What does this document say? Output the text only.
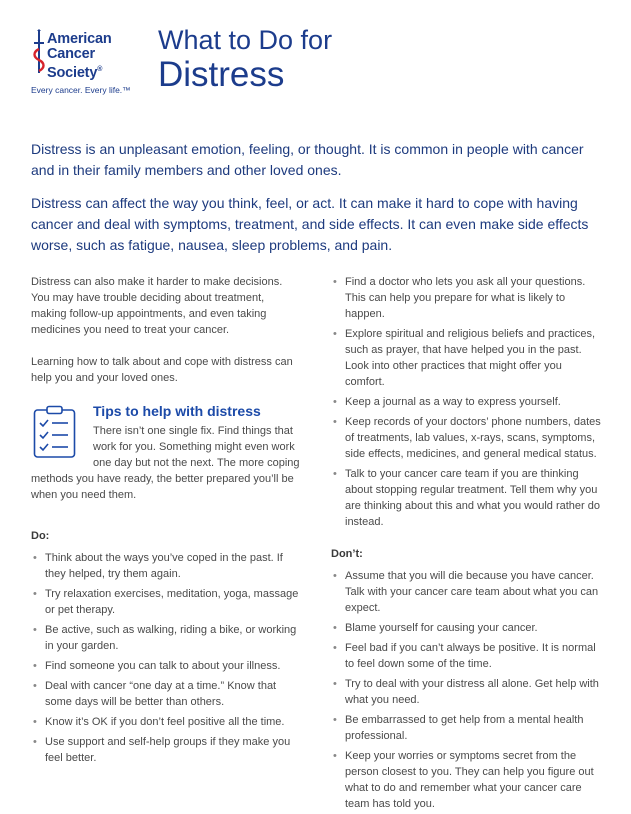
American
Cancer
Society®
Every cancer. Every life.™
What to Do for
Distress

Distress is an unpleasant emotion, feeling, or thought. It is common in people with cancer and in their family members and other loved ones.

Distress can affect the way you think, feel, or act. It can make it hard to cope with having cancer and deal with symptoms, treatment, and side effects. It can even make side effects worse, such as fatigue, nausea, sleep problems, and pain.

Distress can also make it harder to make decisions. You may have trouble deciding about treatment, making follow-up appointments, and even taking medicines you need to treat your cancer.

Learning how to talk about and cope with distress can help you and your loved ones.

Tips to help with distress
There isn’t one single fix. Find things that
work for you. Something might even work
one day but not the next. The more coping
methods you have ready, the better prepared you’ll be
when you need them.
Do:
• Think about the ways you’ve coped in the past. If they helped, try them again.
• Try relaxation exercises, meditation, yoga, massage or pet therapy.
• Be active, such as walking, riding a bike, or working in your garden.
• Find someone you can talk to about your illness.
• Deal with cancer “one day at a time.” Know that some days will be better than others.
• Know it’s OK if you don’t feel positive all the time.
• Use support and self-help groups if they make you feel better.
• Find a doctor who lets you ask all your questions. This can help you prepare for what is likely to happen.
• Explore spiritual and religious beliefs and practices, such as prayer, that have helped you in the past. Look into other practices that might offer you comfort.
• Keep a journal as a way to express yourself.
• Keep records of your doctors’ phone numbers, dates of treatments, lab values, x-rays, scans, symptoms, side effects, medicines, and general medical status.
• Talk to your cancer care team if you are thinking about stopping regular treatment. Tell them why you are thinking about this and what you would rather do instead.
Don’t:
• Assume that you will die because you have cancer. Talk with your cancer care team about what you can expect.
• Blame yourself for causing your cancer.
• Feel bad if you can’t always be positive. It is normal to feel down some of the time.
• Try to deal with your distress all alone. Get help with what you need.
• Be embarrassed to get help from a mental health professional.
• Keep your worries or symptoms secret from the person closest to you. They can help you figure out what to do and remember what your cancer care team has told you.
